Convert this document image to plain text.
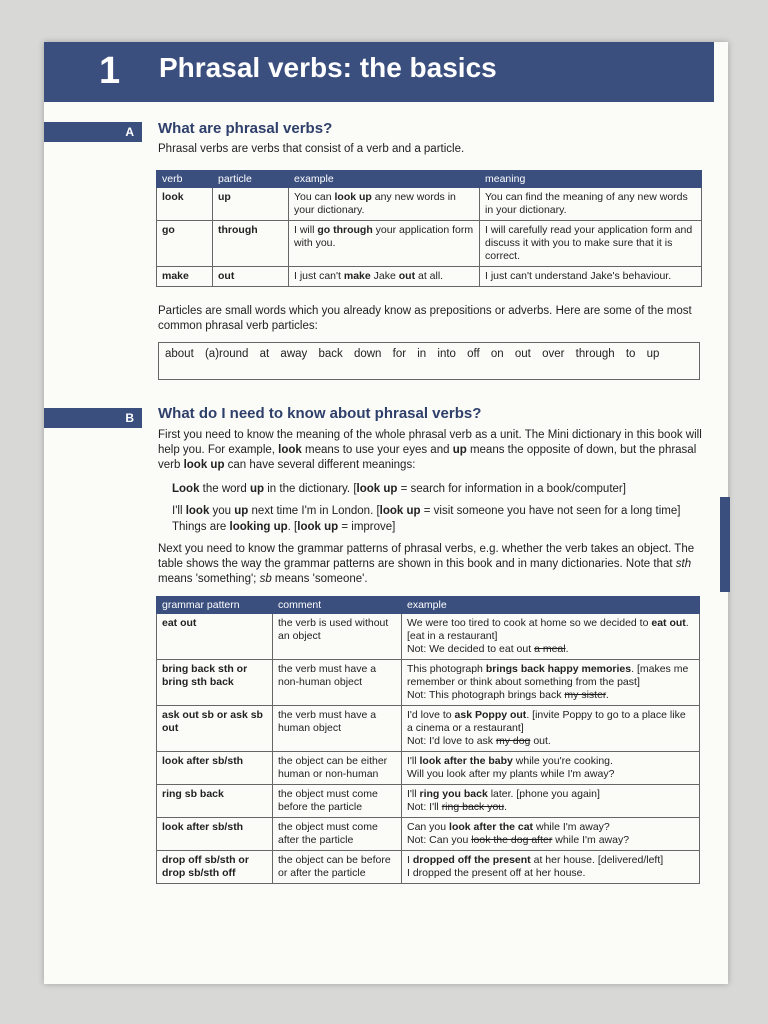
1 Phrasal verbs: the basics
A	What are phrasal verbs?
Phrasal verbs are verbs that consist of a verb and a particle.
verb	particle	example	meaning
look	up	You can look up any new words in your dictionary.	You can find the meaning of any new words in your dictionary.
go	through	I will go through your application form with you.	I will carefully read your application form and discuss it with you to make sure that it is correct.
make	out	I just can't make Jake out at all.	I just can't understand Jake's behaviour.
Particles are small words which you already know as prepositions or adverbs. Here are some of the most common phrasal verb particles:
about (a)round at away back down for in into off on out over through to up
B	What do I need to know about phrasal verbs?
First you need to know the meaning of the whole phrasal verb as a unit. The Mini dictionary in this book will help you. For example, look means to use your eyes and up means the opposite of down, but the phrasal verb look up can have several different meanings:
Look the word up in the dictionary. [look up = search for information in a book/computer]
I'll look you up next time I'm in London. [look up = visit someone you have not seen for a long time]
Things are looking up. [look up = improve]
Next you need to know the grammar patterns of phrasal verbs, e.g. whether the verb takes an object. The table shows the way the grammar patterns are shown in this book and in many dictionaries. Note that sth means 'something'; sb means 'someone'.
grammar pattern	comment	example
eat out	the verb is used without an object	We were too tired to cook at home so we decided to eat out. [eat in a restaurant]
Not: We decided to eat out a meal.
bring back sth or bring sth back	the verb must have a non-human object	This photograph brings back happy memories. [makes me remember or think about something from the past]
Not: This photograph brings back my sister.
ask out sb or ask sb out	the verb must have a human object	I'd love to ask Poppy out. [invite Poppy to go to a place like a cinema or a restaurant]
Not: I'd love to ask my dog out.
look after sb/sth	the object can be either human or non-human	I'll look after the baby while you're cooking.
Will you look after my plants while I'm away?
ring sb back	the object must come before the particle	I'll ring you back later. [phone you again]
Not: I'll ring back you.
look after sb/sth	the object must come after the particle	Can you look after the cat while I'm away?
Not: Can you look the dog after while I'm away?
drop off sb/sth or drop sb/sth off	the object can be before or after the particle	I dropped off the present at her house. [delivered/left]
I dropped the present off at her house.
